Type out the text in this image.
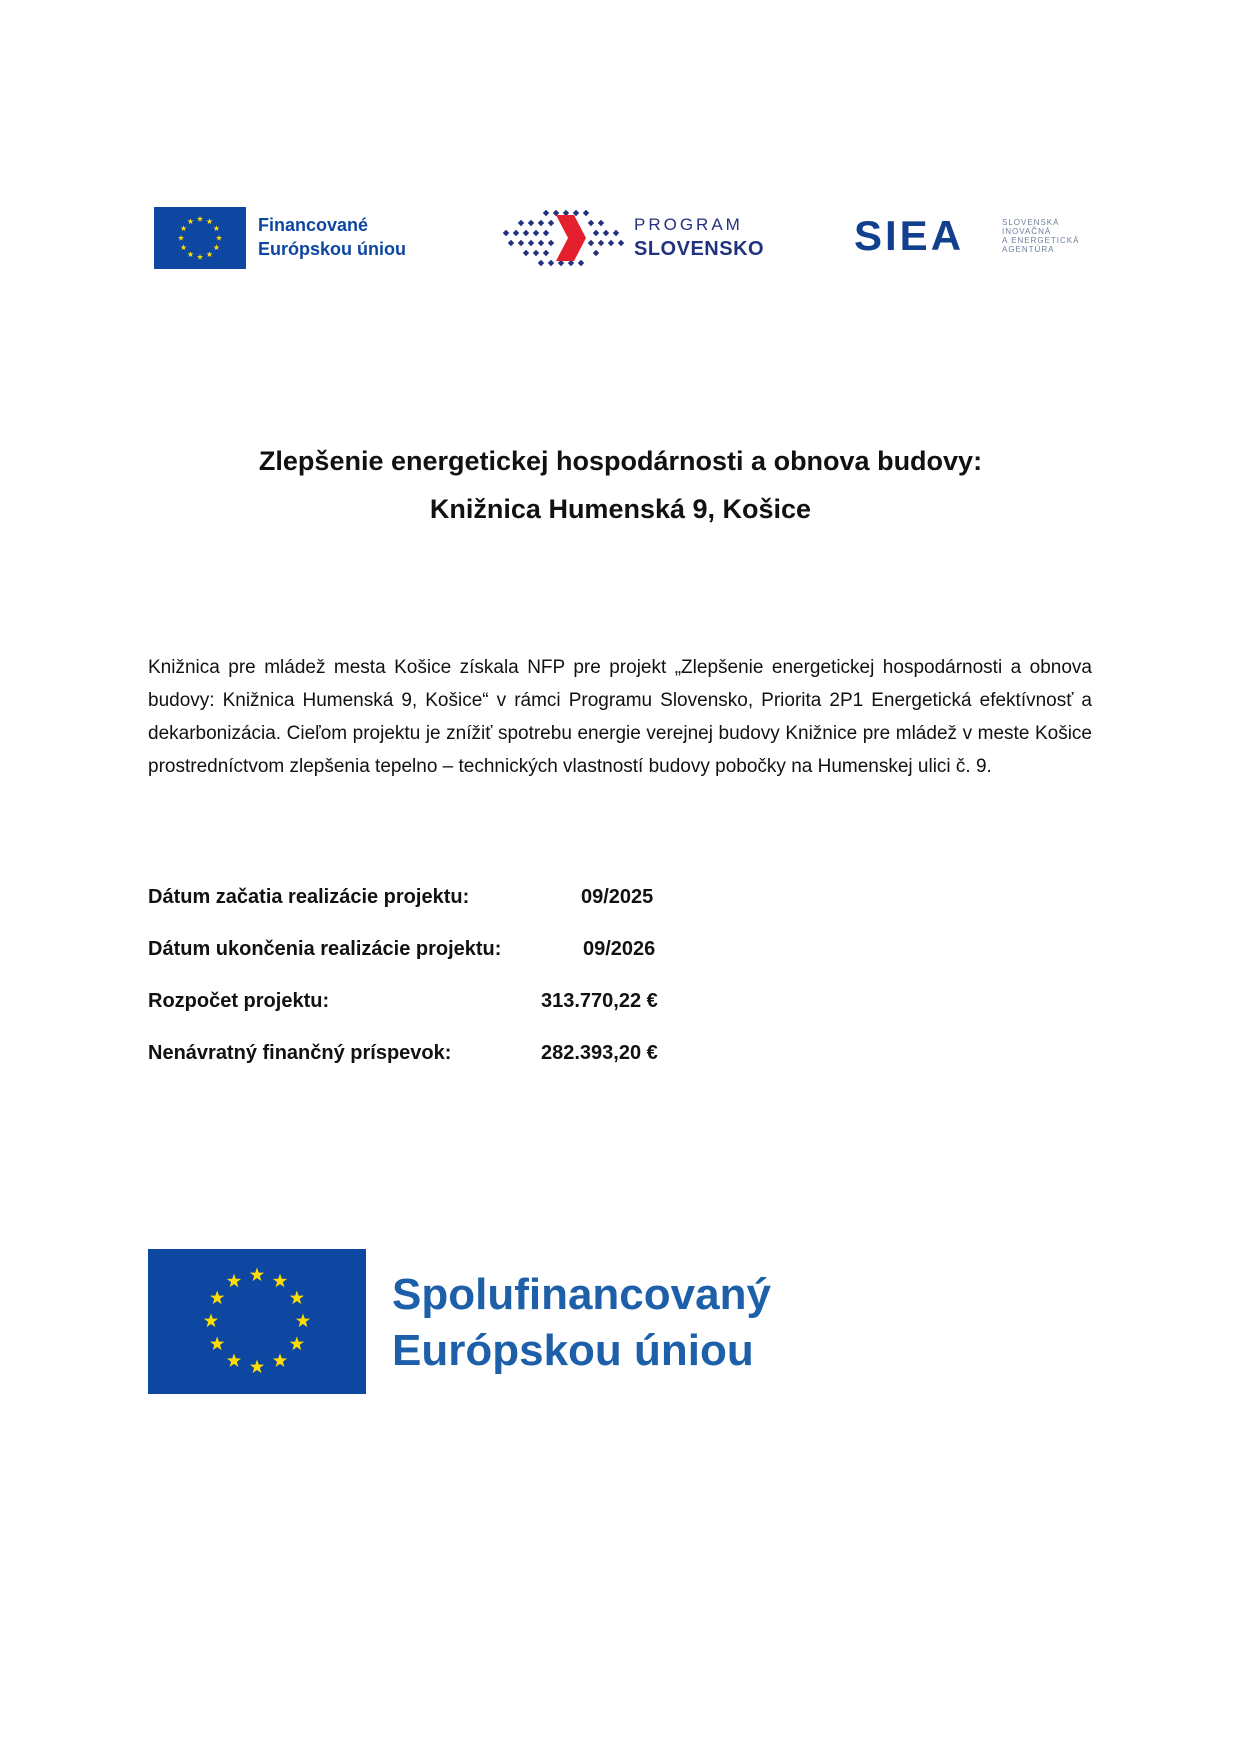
Financované
Európskou úniou
PROGRAM
SLOVENSKO SIEA	SLOVENSKÁ
INOVAČNÁ
A ENERGETICKÁ
AGENTÚRA
Zlepšenie energetickej hospodárnosti a obnova budovy:
Knižnica Humenská 9, Košice

Knižnica pre mládež mesta Košice získala NFP pre projekt „Zlepšenie energetickej hospodárnosti a obnova budovy: Knižnica Humenská 9, Košice“ v rámci Programu Slovensko, Priorita 2P1 Energetická efektívnosť a dekarbonizácia. Cieľom projektu je znížiť spotrebu energie verejnej budovy Knižnice pre mládež v meste Košice prostredníctvom zlepšenia tepelno – technických vlastností budovy pobočky na Humenskej ulici č. 9.

Dátum začatia realizácie projektu:	09/2025
Dátum ukončenia realizácie projektu:	09/2026
Rozpočet projektu:	313.770,22 €
Nenávratný finančný príspevok:	282.393,20 €
Spolufinancovaný
Európskou úniou
